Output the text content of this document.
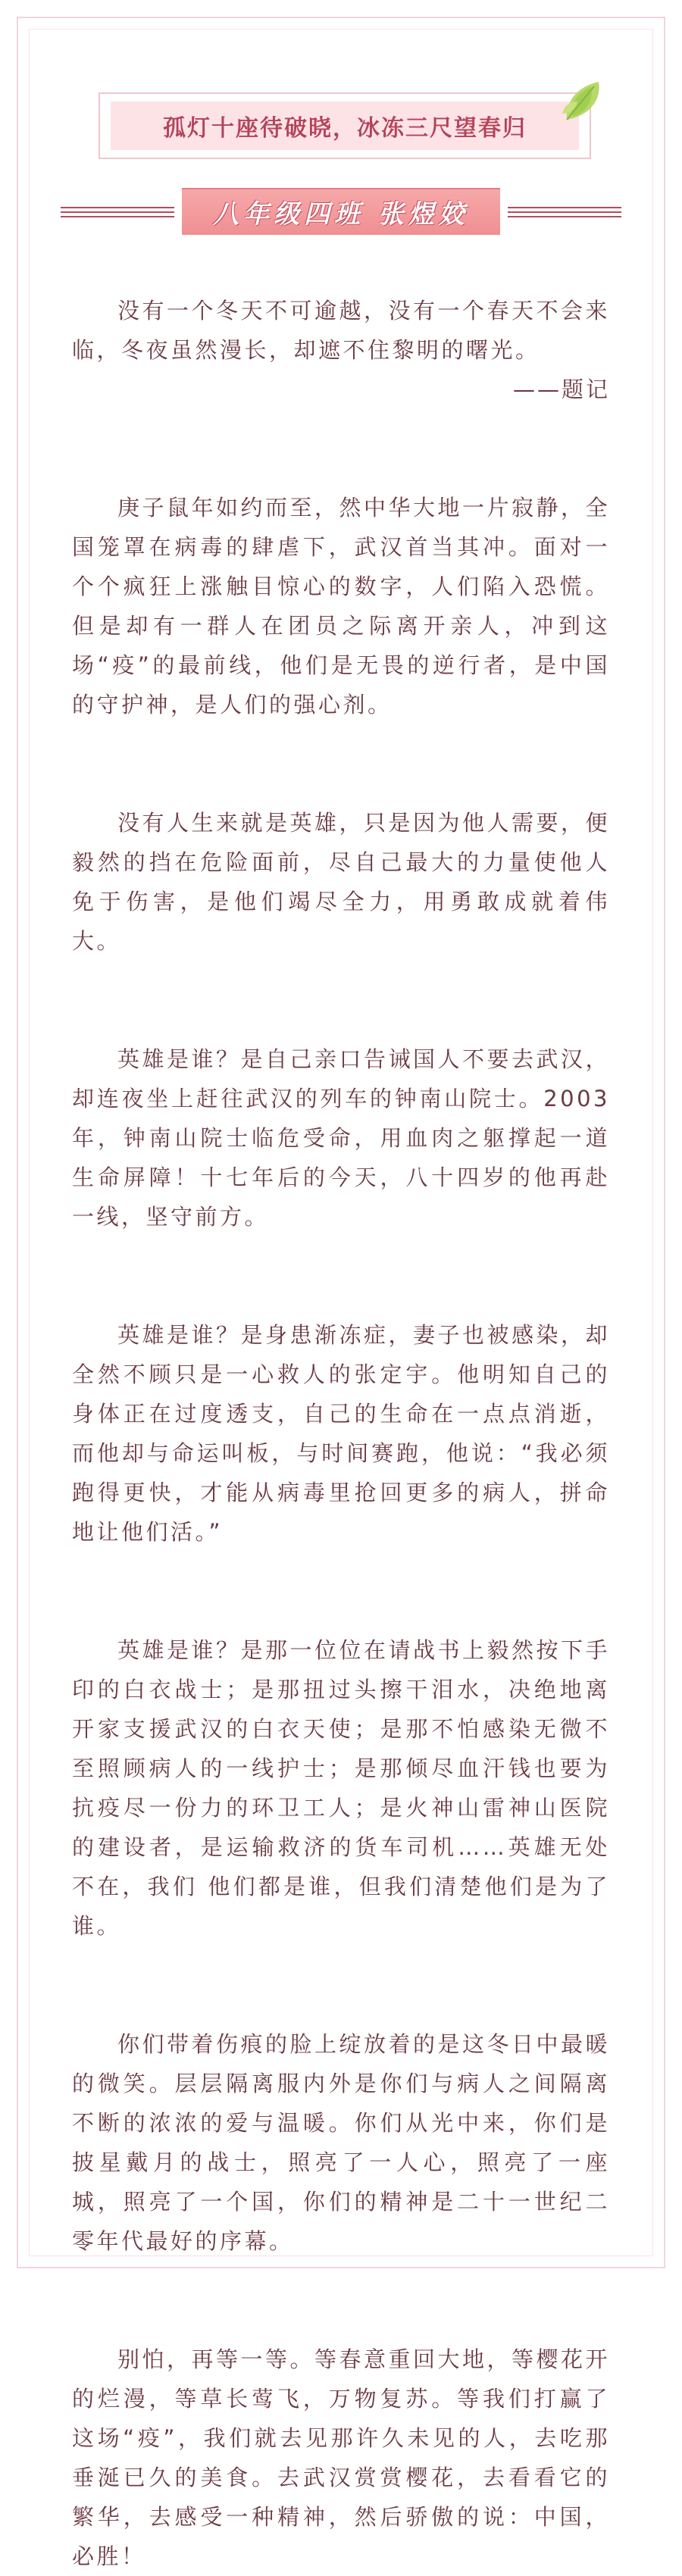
孤灯十座待破晓，冰冻三尺望春归
八年级四班 张煜姣

没有一个冬天不可逾越，没有一个春天不会来临，冬夜虽然漫长，却遮不住黎明的曙光。

——题记

庚子鼠年如约而至，然中华大地一片寂静，全国笼罩在病毒的肆虐下，武汉首当其冲。面对一个个疯狂上涨触目惊心的数字，人们陷入恐慌。但是却有一群人在团员之际离开亲人，冲到这场“疫”的最前线，他们是无畏的逆行者，是中国的守护神，是人们的强心剂。

没有人生来就是英雄，只是因为他人需要，便毅然的挡在危险面前，尽自己最大的力量使他人免于伤害，是他们竭尽全力，用勇敢成就着伟大。

英雄是谁？是自己亲口告诫国人不要去武汉，却连夜坐上赶往武汉的列车的钟南山院士。2003年，钟南山院士临危受命，用血肉之躯撑起一道生命屏障！十七年后的今天，八十四岁的他再赴一线，坚守前方。

英雄是谁？是身患渐冻症，妻子也被感染，却全然不顾只是一心救人的张定宇。他明知自己的身体正在过度透支，自己的生命在一点点消逝，而他却与命运叫板，与时间赛跑，他说：“我必须跑得更快，才能从病毒里抢回更多的病人，拼命地让他们活。”

英雄是谁？是那一位位在请战书上毅然按下手印的白衣战士；是那扭过头擦干泪水，决绝地离开家支援武汉的白衣天使；是那不怕感染无微不至照顾病人的一线护士；是那倾尽血汗钱也要为抗疫尽一份力的环卫工人；是火神山雷神山医院的建设者，是运输救济的货车司机……英雄无处不在，我们 他们都是谁，但我们清楚他们是为了谁。

你们带着伤痕的脸上绽放着的是这冬日中最暖的微笑。层层隔离服内外是你们与病人之间隔离不断的浓浓的爱与温暖。你们从光中来，你们是披星戴月的战士，照亮了一人心，照亮了一座城，照亮了一个国，你们的精神是二十一世纪二零年代最好的序幕。

别怕，再等一等。等春意重回大地，等樱花开的烂漫，等草长莺飞，万物复苏。等我们打赢了这场“疫”，我们就去见那许久未见的人，去吃那垂涎已久的美食。去武汉赏赏樱花，去看看它的繁华，去感受一种精神，然后骄傲的说：中国，必胜！
